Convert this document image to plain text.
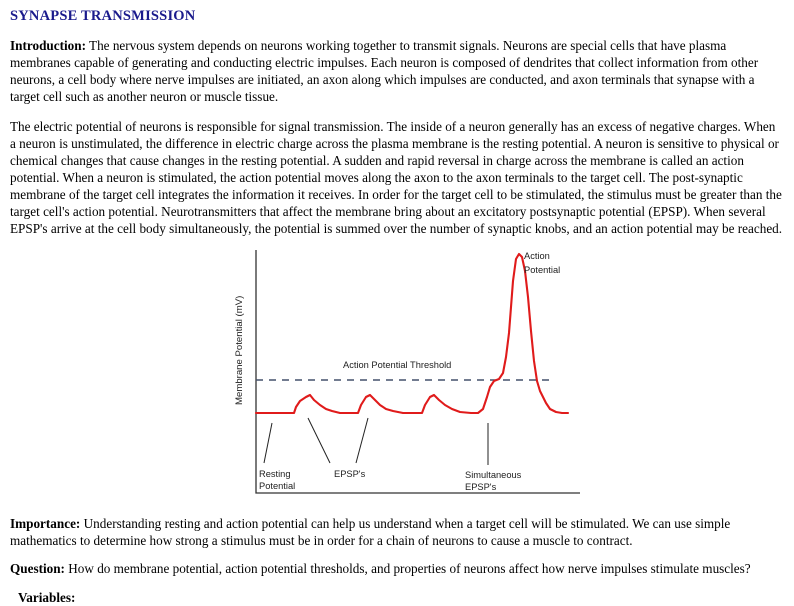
SYNAPSE TRANSMISSION

Introduction: The nervous system depends on neurons working together to transmit signals. Neurons are special cells that have plasma membranes capable of generating and conducting electric impulses. Each neuron is composed of dendrites that collect information from other neurons, a cell body where nerve impulses are initiated, an axon along which impulses are conducted, and axon terminals that synapse with a target cell such as another neuron or muscle tissue.

The electric potential of neurons is responsible for signal transmission. The inside of a neuron generally has an excess of negative charges. When a neuron is unstimulated, the difference in electric charge across the plasma membrane is the resting potential. A neuron is sensitive to physical or chemical changes that cause changes in the resting potential. A sudden and rapid reversal in charge across the membrane is called an action potential. When a neuron is stimulated, the action potential moves along the axon to the axon terminals to the target cell. The post-synaptic membrane of the target cell integrates the information it receives. In order for the target cell to be stimulated, the stimulus must be greater than the target cell's action potential. Neurotransmitters that affect the membrane bring about an excitatory postsynaptic potential (EPSP). When several EPSP's arrive at the cell body simultaneously, the potential is summed over the number of synaptic knobs, and an action potential may be reached.

Membrane Potential (mV)	Action Potential Threshold
Resting
Potential
EPSP's	Simultaneous
EPSP's
Action
Potential

Importance: Understanding resting and action potential can help us understand when a target cell will be stimulated. We can use simple mathematics to determine how strong a stimulus must be in order for a chain of neurons to cause a muscle to contract.

Question: How do membrane potential, action potential thresholds, and properties of neurons affect how nerve impulses stimulate muscles?

Variables:
